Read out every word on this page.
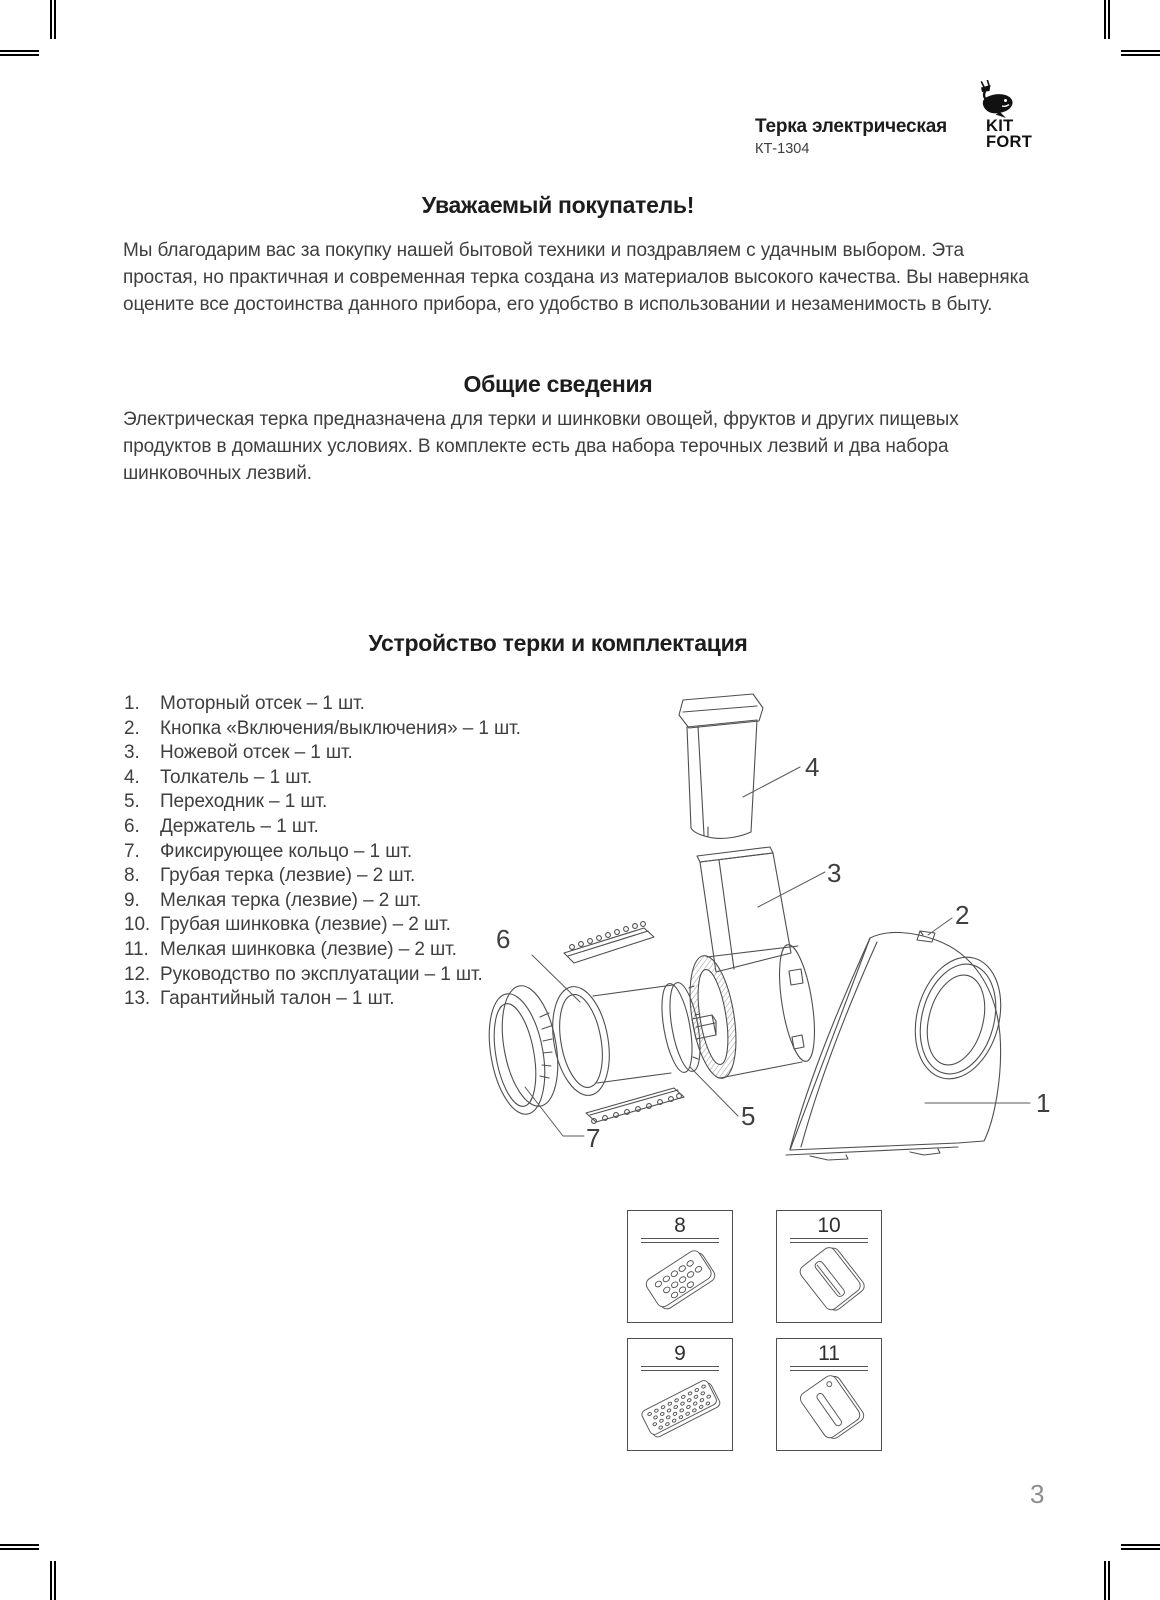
Терка электрическая
КТ-1304
KIT
FORT
Уважаемый покупатель!
Мы благодарим вас за покупку нашей бытовой техники и поздравляем с удачным выбором. Эта простая, но практичная и современная терка создана из материалов высокого качества. Вы наверняка оцените все достоинства данного прибора, его удобство в использовании и незаменимость в быту.
Общие сведения
Электрическая терка предназначена для терки и шинковки овощей, фруктов и других пищевых продуктов в домашних условиях. В комплекте есть два набора терочных лезвий и два набора шинковочных лезвий.
Устройство терки и комплектация
1.	Моторный отсек – 1 шт.
2.	Кнопка «Включения/выключения» – 1 шт.
3.	Ножевой отсек – 1 шт.
4.	Толкатель – 1 шт.
5.	Переходник – 1 шт.
6.	Держатель – 1 шт.
7.	Фиксирующее кольцо – 1 шт.
8.	Грубая терка (лезвие) – 2 шт.
9.	Мелкая терка (лезвие) – 2 шт.
10. Грубая шинковка (лезвие) – 2 шт.
11. Мелкая шинковка (лезвие) – 2 шт.
12. Руководство по эксплуатации – 1 шт.
13. Гарантийный талон – 1 шт.
4
3
2
1
6
5
7
8	10
9	11
3
